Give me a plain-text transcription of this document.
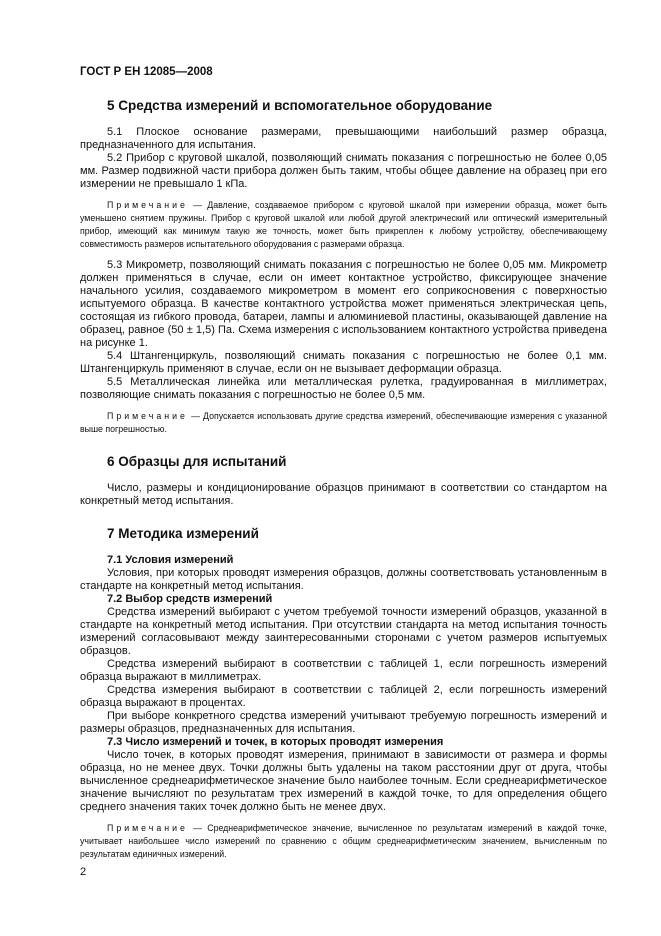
ГОСТ Р ЕН 12085—2008
5 Средства измерений и вспомогательное оборудование

5.1 Плоское основание размерами, превышающими наибольший размер образца, предназначенного для испытания.

5.2 Прибор с круговой шкалой, позволяющий снимать показания с погрешностью не более 0,05 мм. Размер подвижной части прибора должен быть таким, чтобы общее давление на образец при его измерении не превышало 1 кПа.

Примечание — Давление, создаваемое прибором с круговой шкалой при измерении образца, может быть уменьшено снятием пружины. Прибор с круговой шкалой или любой другой электрический или оптический измерительный прибор, имеющий как минимум такую же точность, может быть прикреплен к любому устройству, обеспечивающему совместимость размеров испытательного оборудования с размерами образца.

5.3 Микрометр, позволяющий снимать показания с погрешностью не более 0,05 мм. Микрометр должен применяться в случае, если он имеет контактное устройство, фиксирующее значение начального усилия, создаваемого микрометром в момент его соприкосновения с поверхностью испытуемого образца. В качестве контактного устройства может применяться электрическая цепь, состоящая из гибкого провода, батареи, лампы и алюминиевой пластины, оказывающей давление на образец, равное (50 ± 1,5) Па. Схема измерения с использованием контактного устройства приведена на рисунке 1.

5.4 Штангенциркуль, позволяющий снимать показания с погрешностью не более 0,1 мм. Штангенциркуль применяют в случае, если он не вызывает деформации образца.

5.5 Металлическая линейка или металлическая рулетка, градуированная в миллиметрах, позволяющие снимать показания с погрешностью не более 0,5 мм.

Примечание — Допускается использовать другие средства измерений, обеспечивающие измерения с указанной выше погрешностью.

6 Образцы для испытаний

Число, размеры и кондиционирование образцов принимают в соответствии со стандартом на конкретный метод испытания.

7 Методика измерений
7.1 Условия измерений

Условия, при которых проводят измерения образцов, должны соответствовать установленным в стандарте на конкретный метод испытания.

7.2 Выбор средств измерений

Средства измерений выбирают с учетом требуемой точности измерений образцов, указанной в стандарте на конкретный метод испытания. При отсутствии стандарта на метод испытания точность измерений согласовывают между заинтересованными сторонами с учетом размеров испытуемых образцов.

Средства измерений выбирают в соответствии с таблицей 1, если погрешность измерений образца выражают в миллиметрах.

Средства измерения выбирают в соответствии с таблицей 2, если погрешность измерений образца выражают в процентах.

При выборе конкретного средства измерений учитывают требуемую погрешность измерений и размеры образцов, предназначенных для испытания.

7.3 Число измерений и точек, в которых проводят измерения

Число точек, в которых проводят измерения, принимают в зависимости от размера и формы образца, но не менее двух. Точки должны быть удалены на таком расстоянии друг от друга, чтобы вычисленное среднеарифметическое значение было наиболее точным. Если среднеарифметическое значение вычисляют по результатам трех измерений в каждой точке, то для определения общего среднего значения таких точек должно быть не менее двух.

Примечание — Среднеарифметическое значение, вычисленное по результатам измерений в каждой точке, учитывает наибольшее число измерений по сравнению с общим среднеарифметическим значением, вычисленным по результатам единичных измерений.

2
